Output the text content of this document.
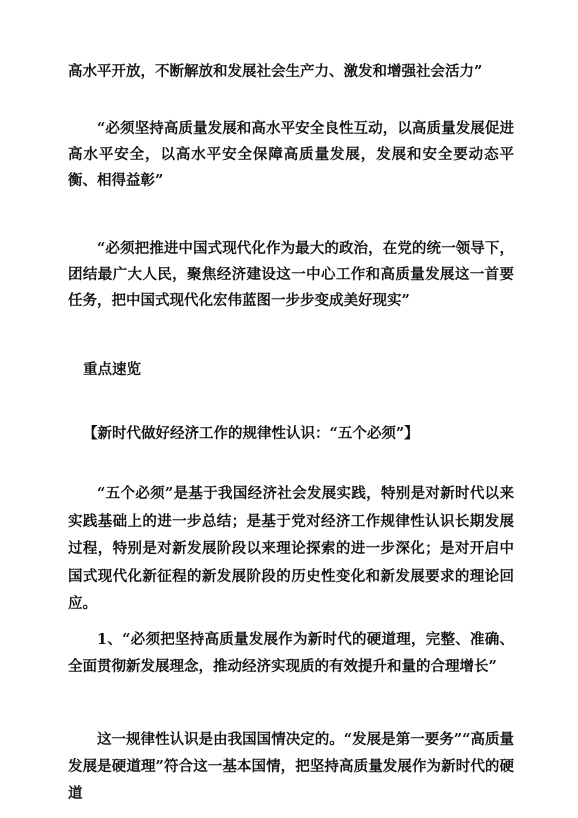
高水平开放，不断解放和发展社会生产力、激发和增强社会活力”

“必须坚持高质量发展和高水平安全良性互动，以高质量发展促进高水平安全，以高水平安全保障高质量发展，发展和安全要动态平衡、相得益彰”

“必须把推进中国式现代化作为最大的政治，在党的统一领导下，团结最广大人民，聚焦经济建设这一中心工作和高质量发展这一首要任务，把中国式现代化宏伟蓝图一步步变成美好现实”

重点速览

【新时代做好经济工作的规律性认识：“五个必须”】

“五个必须”是基于我国经济社会发展实践，特别是对新时代以来实践基础上的进一步总结；是基于党对经济工作规律性认识长期发展过程，特别是对新发展阶段以来理论探索的进一步深化；是对开启中国式现代化新征程的新发展阶段的历史性变化和新发展要求的理论回应。

1、“必须把坚持高质量发展作为新时代的硬道理，完整、准确、全面贯彻新发展理念，推动经济实现质的有效提升和量的合理增长”

这一规律性认识是由我国国情决定的。“发展是第一要务”“高质量发展是硬道理”符合这一基本国情，把坚持高质量发展作为新时代的硬道
